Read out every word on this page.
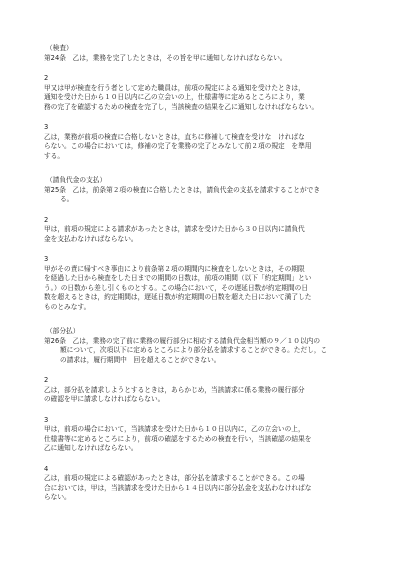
（検査）
第24条　乙は，業務を完了したときは，その旨を甲に通知しなければならない。
2
甲又は甲が検査を行う者として定めた職員は，前項の規定による通知を受けたときは，
通知を受けた日から１０日以内に乙の立会いの上，仕様書等に定めるところにより，業
務の完了を確認するための検査を完了し，当該検査の結果を乙に通知しなければならない。
3
乙は，業務が前項の検査に合格しないときは，直ちに修補して検査を受けな　ければな
らない。この場合においては，修補の完了を業務の完了とみなして前２項の規定　を準用
する。
（請負代金の支払）
第25条　乙は，前条第２項の検査に合格したときは，請負代金の支払を請求することができ
る。
2
甲は，前項の規定による請求があったときは，請求を受けた日から３０日以内に請負代
金を支払わなければならない。
3
甲がその責に帰すべき事由により前条第２項の期間内に検査をしないときは，その期限
を経過した日から検査をした日までの期間の日数は，前項の期間（以下「約定期間」とい
う。）の日数から差し引くものとする。この場合において，その遅延日数が約定期間の日
数を超えるときは，約定期間は，遅延日数が約定期間の日数を超えた日において満了した
ものとみなす。
（部分払）
第26条　乙は，業務の完了前に業務の履行部分に相応する請負代金相当額の９／１０以内の
額について，次項以下に定めるところにより部分払を請求することができる。ただし，こ
の請求は，履行期間中　回を超えることができない。
2
乙は，部分払を請求しようとするときは，あらかじめ，当該請求に係る業務の履行部分
の確認を甲に請求しなければならない。
3
甲は，前項の場合において，当該請求を受けた日から１０日以内に，乙の立会いの上，
仕様書等に定めるところにより，前項の確認をするための検査を行い，当該確認の結果を
乙に通知しなければならない。
4
乙は，前項の規定による確認があったときは，部分払を請求することができる。この場
合においては，甲は，当該請求を受けた日から１４日以内に部分払金を支払わなければな
らない。
